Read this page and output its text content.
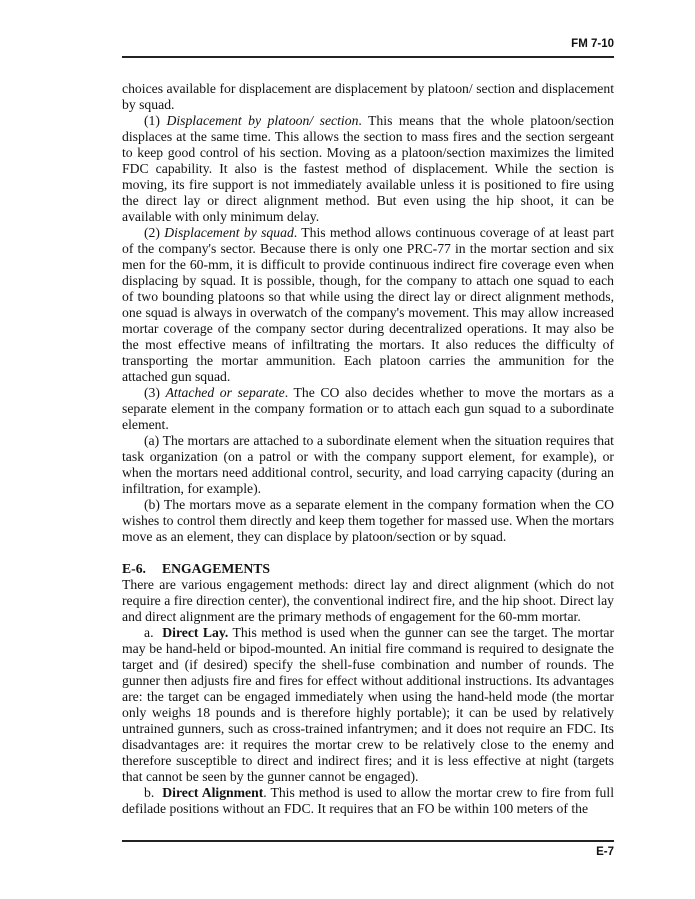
FM 7-10

choices available for displacement are displacement by platoon/ section and displacement by squad.

(1) Displacement by platoon/ section. This means that the whole platoon/section displaces at the same time. This allows the section to mass fires and the section sergeant to keep good control of his section. Moving as a platoon/section maximizes the limited FDC capability. It also is the fastest method of displacement. While the section is moving, its fire support is not immediately available unless it is positioned to fire using the direct lay or direct alignment method. But even using the hip shoot, it can be available with only minimum delay.

(2) Displacement by squad. This method allows continuous coverage of at least part of the company's sector. Because there is only one PRC-77 in the mortar section and six men for the 60-mm, it is difficult to provide continuous indirect fire coverage even when displacing by squad. It is possible, though, for the company to attach one squad to each of two bounding platoons so that while using the direct lay or direct alignment methods, one squad is always in overwatch of the company's movement. This may allow increased mortar coverage of the company sector during decentralized operations. It may also be the most effective means of infiltrating the mortars. It also reduces the difficulty of transporting the mortar ammunition. Each platoon carries the ammunition for the attached gun squad.

(3) Attached or separate. The CO also decides whether to move the mortars as a separate element in the company formation or to attach each gun squad to a subordinate element.

(a) The mortars are attached to a subordinate element when the situation requires that task organization (on a patrol or with the company support element, for example), or when the mortars need additional control, security, and load carrying capacity (during an infiltration, for example).

(b) The mortars move as a separate element in the company formation when the CO wishes to control them directly and keep them together for massed use. When the mortars move as an element, they can displace by platoon/section or by squad.

E-6. ENGAGEMENTS

There are various engagement methods: direct lay and direct alignment (which do not require a fire direction center), the conventional indirect fire, and the hip shoot. Direct lay and direct alignment are the primary methods of engagement for the 60-mm mortar.

a. Direct Lay. This method is used when the gunner can see the target. The mortar may be hand-held or bipod-mounted. An initial fire command is required to designate the target and (if desired) specify the shell-fuse combination and number of rounds. The gunner then adjusts fire and fires for effect without additional instructions. Its advantages are: the target can be engaged immediately when using the hand-held mode (the mortar only weighs 18 pounds and is therefore highly portable); it can be used by relatively untrained gunners, such as cross-trained infantrymen; and it does not require an FDC. Its disadvantages are: it requires the mortar crew to be relatively close to the enemy and therefore susceptible to direct and indirect fires; and it is less effective at night (targets that cannot be seen by the gunner cannot be engaged).

b. Direct Alignment. This method is used to allow the mortar crew to fire from full defilade positions without an FDC. It requires that an FO be within 100 meters of the

E-7
